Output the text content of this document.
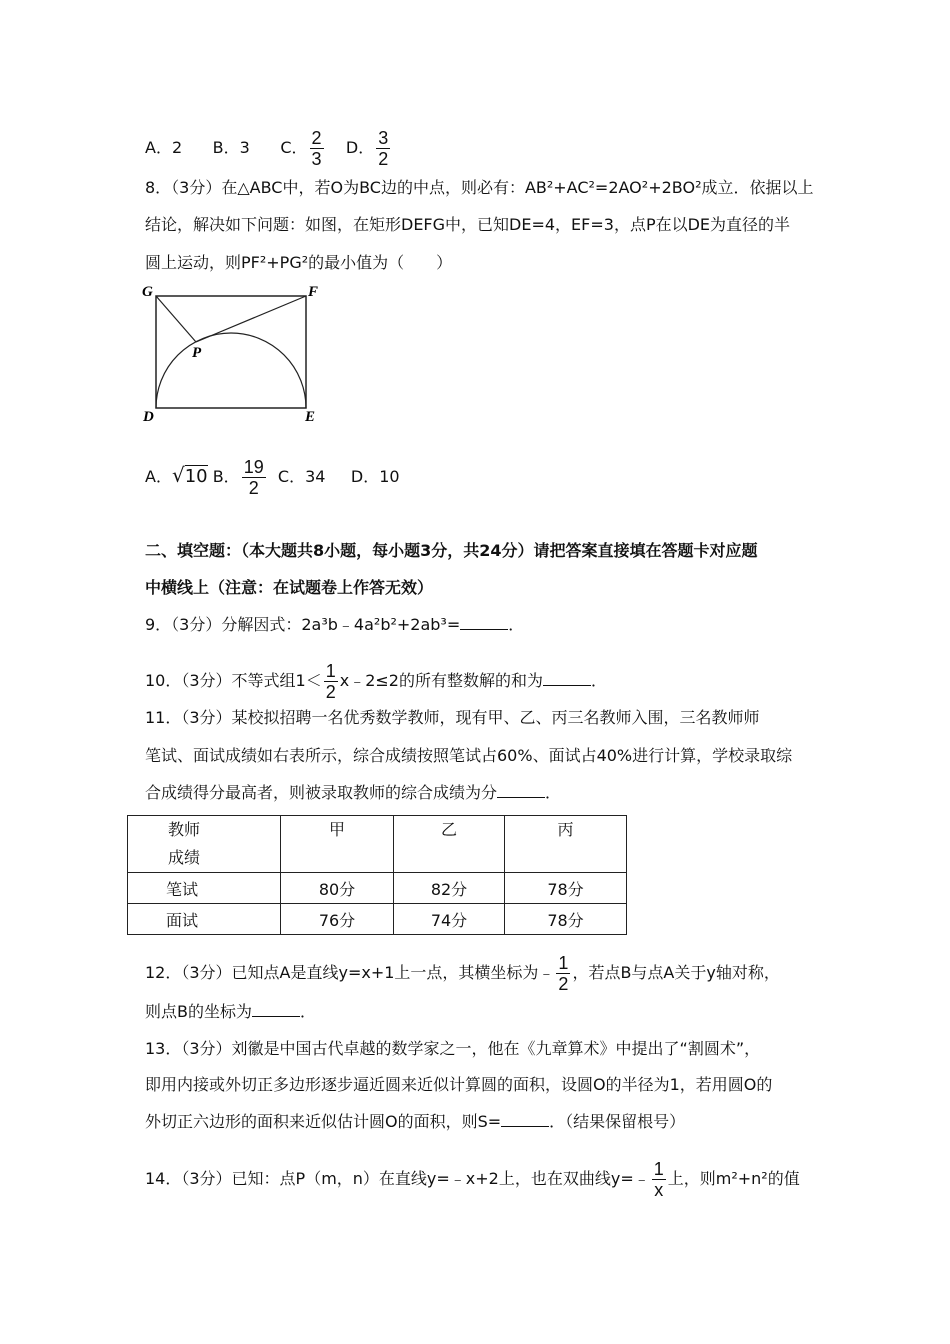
A．2 B．3 C． $\frac{2}{3}$ D． $\frac{3}{2}$
8．（3分）在△ABC中，若O为BC边的中点，则必有：AB²+AC²=2AO²+2BO²成立．依据以上
结论，解决如下问题：如图，在矩形DEFG中，已知DE=4，EF=3，点P在以DE为直径的半
圆上运动，则PF²+PG²的最小值为（　　）
G	F
P
D	E
A．√10 B． $\frac{19}{2}$ C．34 D．10
二、填空题：（本大题共8小题，每小题3分，共24分）请把答案直接填在答题卡对应题
中横线上（注意：在试题卷上作答无效）
9．（3分）分解因式：2a³b﹣4a²b²+2ab³=	．
10．（3分）不等式组$1< \frac{1}{2}$ x﹣2≤2的所有整数解的和为	．
11．（3分）某校拟招聘一名优秀数学教师，现有甲、乙、丙三名教师入围，三名教师师
笔试、面试成绩如右表所示，综合成绩按照笔试占60%、面试占40%进行计算，学校录取综
合成绩得分最高者，则被录取教师的综合成绩为分	．
教师
成绩	甲	乙	丙
笔试	80分	82分	78分
面试	76分	74分	78分
12．（3分）已知点A是直线y=x+1上一点，其横坐标为﹣ $\frac{1}{2}$ ，若点B与点A关于y轴对称，
则点B的坐标为	．
13．（3分）刘徽是中国古代卓越的数学家之一，他在《九章算术》中提出了“割圆术”，
即用内接或外切正多边形逐步逼近圆来近似计算圆的面积，设圆O的半径为1，若用圆O的
外切正六边形的面积来近似估计圆O的面积，则S=	．（结果保留根号）
14．（3分）已知：点P（m，n）在直线y=﹣x+2上，也在双曲线y=﹣ $\frac{1}{x}$ 上，则m²+n²的值
